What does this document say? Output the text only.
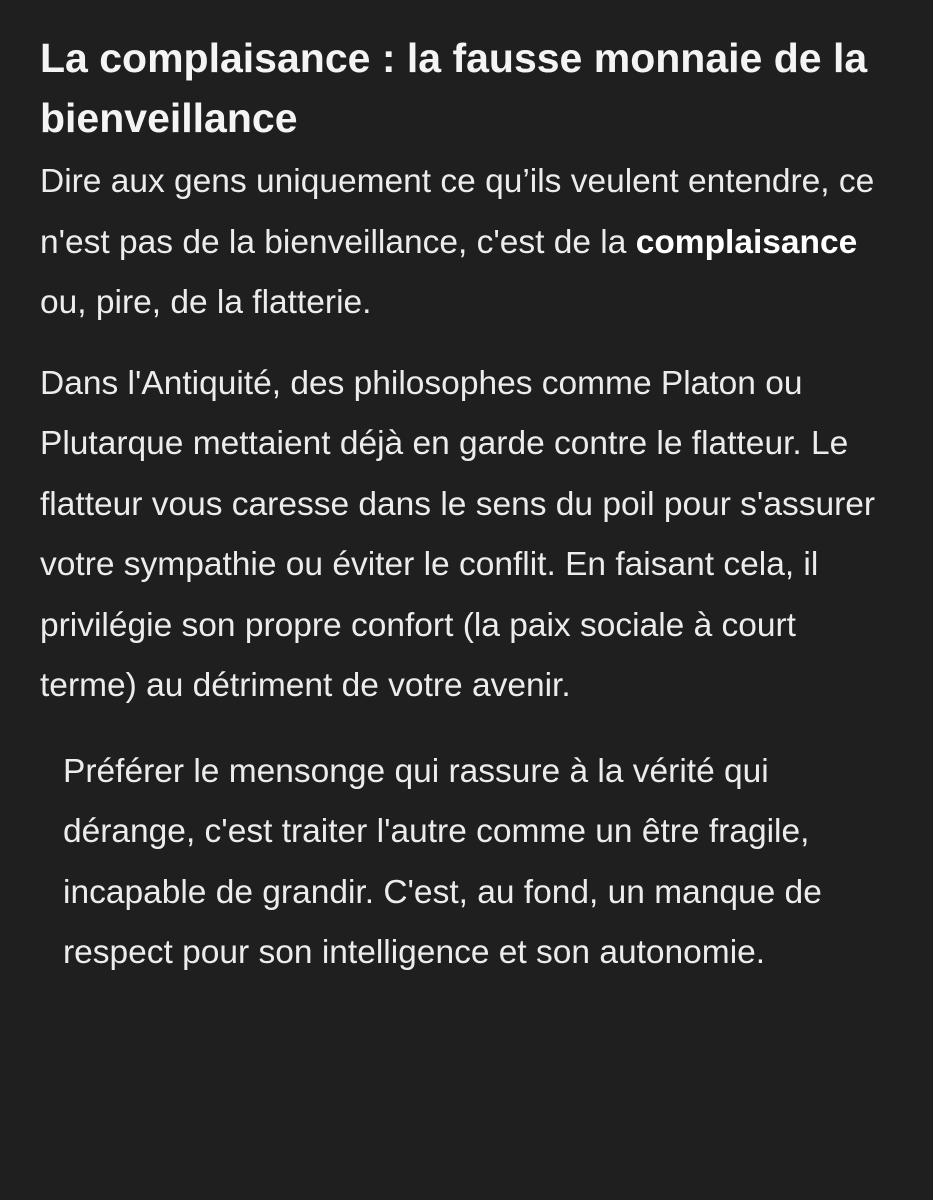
La complaisance : la fausse monnaie de la bienveillance

Dire aux gens uniquement ce qu’ils veulent entendre, ce n'est pas de la bienveillance, c'est de la complaisance ou, pire, de la flatterie.

Dans l'Antiquité, des philosophes comme Platon ou Plutarque mettaient déjà en garde contre le flatteur. Le flatteur vous caresse dans le sens du poil pour s'assurer votre sympathie ou éviter le conflit. En faisant cela, il privilégie son propre confort (la paix sociale à court terme) au détriment de votre avenir.

Préférer le mensonge qui rassure à la vérité qui dérange, c'est traiter l'autre comme un être fragile, incapable de grandir. C'est, au fond, un manque de respect pour son intelligence et son autonomie.
